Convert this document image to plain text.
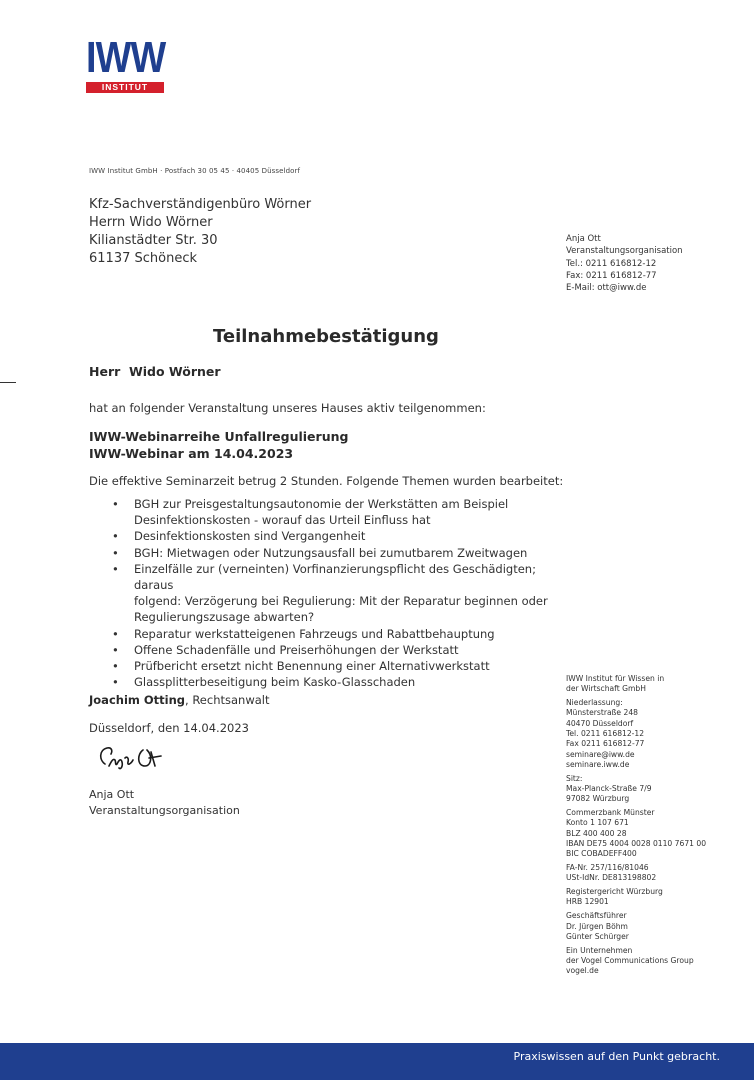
IWW
INSTITUT
IWW Institut GmbH · Postfach 30 05 45 · 40405 Düsseldorf
Kfz-Sachverständigenbüro Wörner
Herrn Wido Wörner
Kilianstädter Str. 30
61137 Schöneck
Anja Ott
Veranstaltungsorganisation
Tel.: 0211 616812-12
Fax: 0211 616812-77
E-Mail: ott@iww.de
Teilnahmebestätigung
Herr  Wido Wörner
hat an folgender Veranstaltung unseres Hauses aktiv teilgenommen:
IWW-Webinarreihe Unfallregulierung
IWW-Webinar am 14.04.2023
Die effektive Seminarzeit betrug 2 Stunden. Folgende Themen wurden bearbeitet:
• BGH zur Preisgestaltungsautonomie der Werkstätten am Beispiel
Desinfektionskosten - worauf das Urteil Einfluss hat
• Desinfektionskosten sind Vergangenheit
• BGH: Mietwagen oder Nutzungsausfall bei zumutbarem Zweitwagen
• Einzelfälle zur (verneinten) Vorfinanzierungspflicht des Geschädigten; daraus
folgend: Verzögerung bei Regulierung: Mit der Reparatur beginnen oder
Regulierungszusage abwarten?
• Reparatur werkstatteigenen Fahrzeugs und Rabattbehauptung
• Offene Schadenfälle und Preiserhöhungen der Werkstatt
• Prüfbericht ersetzt nicht Benennung einer Alternativwerkstatt
• Glassplitterbeseitigung beim Kasko-Glasschaden
Joachim Otting, Rechtsanwalt
Düsseldorf, den 14.04.2023
Anja Ott
Veranstaltungsorganisation
IWW Institut für Wissen in
der Wirtschaft GmbH
Niederlassung:
Münsterstraße 248
40470 Düsseldorf
Tel. 0211 616812-12
Fax 0211 616812-77
seminare@iww.de
seminare.iww.de
Sitz:
Max-Planck-Straße 7/9
97082 Würzburg
Commerzbank Münster
Konto 1 107 671
BLZ 400 400 28
IBAN DE75 4004 0028 0110 7671 00
BIC COBADEFF400
FA-Nr. 257/116/81046
USt-IdNr. DE813198802
Registergericht Würzburg
HRB 12901
Geschäftsführer
Dr. Jürgen Böhm
Günter Schürger
Ein Unternehmen
der Vogel Communications Group
vogel.de
Praxiswissen auf den Punkt gebracht.
